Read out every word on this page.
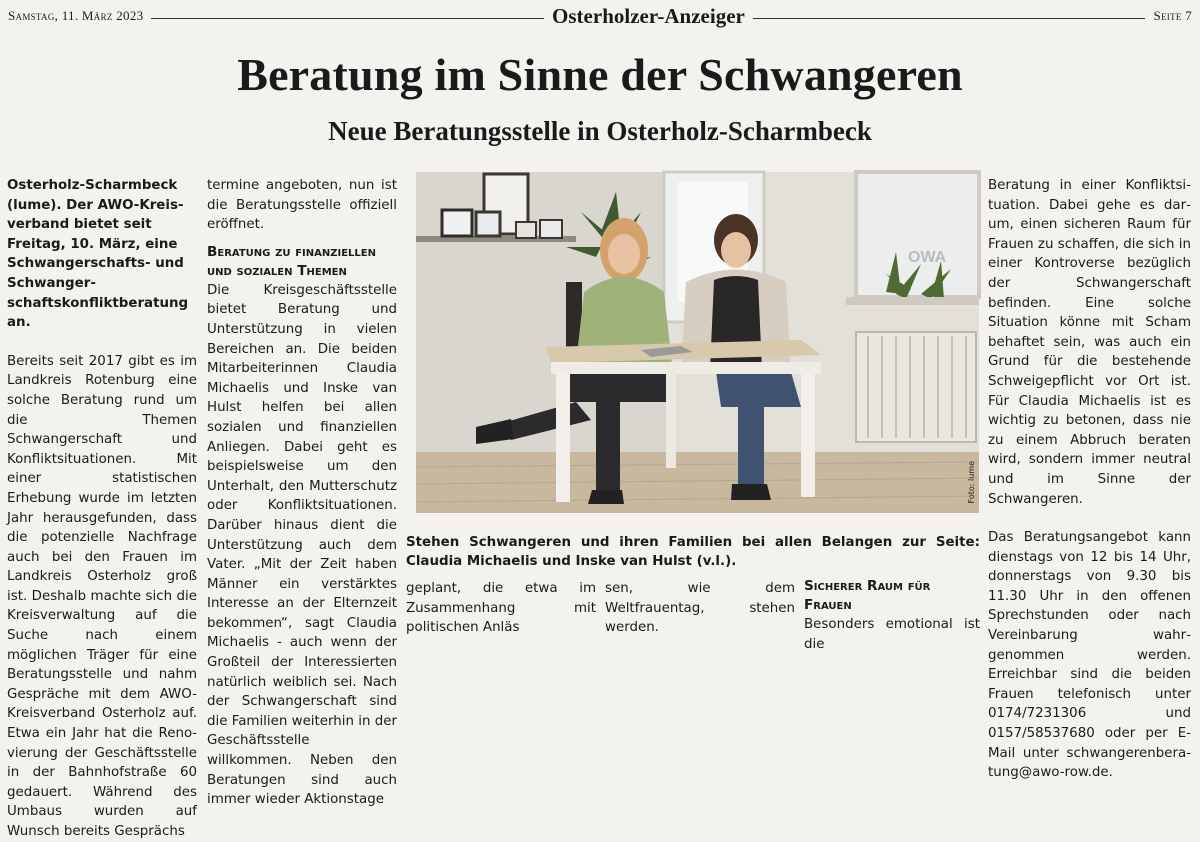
Samstag, 11. März 2023	Osterholzer-Anzeiger	Seite 7
Beratung im Sinne der Schwangeren
Neue Beratungsstelle in Osterholz-Scharmbeck

Osterholz-Scharmbeck (lume). Der AWO-Kreisverband bietet seit Freitag, 10. März, eine Schwangerschafts- und Schwangerschaftskonfliktberatung an.

Bereits seit 2017 gibt es im Landkreis Rotenburg eine solche Beratung rund um die Themen Schwangerschaft und Konfliktsituationen. Mit einer statistischen Erhebung wurde im letzten Jahr herausgefunden, dass die potenzielle Nachfrage auch bei den Frauen im Landkreis Osterholz groß ist. Deshalb machte sich die Kreisverwaltung auf die Suche nach einem möglichen Träger für eine Beratungsstelle und nahm Gespräche mit dem AWO-Kreisverband Osterholz auf. Etwa ein Jahr hat die Renovierung der Geschäftsstelle in der Bahnhofstraße 60 gedauert. Während des Umbaus wurden auf Wunsch bereits Gesprächs

termine angeboten, nun ist die Beratungsstelle offiziell eröffnet.

Beratung zu finanziellen und sozialen Themen

Die Kreisgeschäftsstelle bietet Beratung und Unterstützung in vielen Bereichen an. Die beiden Mitarbeiterinnen Claudia Michaelis und Inske van Hulst helfen bei allen sozialen und finanziellen Anliegen. Dabei geht es beispielsweise um den Unterhalt, den Mutterschutz oder Konfliktsituationen. Darüber hinaus dient die Unterstützung auch dem Vater. „Mit der Zeit haben Männer ein verstärktes Interesse an der Elternzeit bekommen“, sagt Claudia Michaelis - auch wenn der Großteil der Interessierten natürlich weiblich sei. Nach der Schwangerschaft sind die Familien weiterhin in der Geschäftsstelle willkommen. Neben den Beratungen sind auch immer wieder Aktionstage

OWA
Foto: lume

Stehen Schwangeren und ihren Familien bei allen Belangen zur Seite: Claudia Michaelis und Inske van Hulst (v.l.).

geplant, die etwa im Zusammenhang mit politischen Anläs

sen, wie dem Weltfrauentag, stehen werden.

Sicherer Raum für Frauen

Besonders emotional ist die

Beratung in einer Konfliktsituation. Dabei gehe es darum, einen sicheren Raum für Frauen zu schaffen, die sich in einer Kontroverse bezüglich der Schwangerschaft befinden. Eine solche Situation könne mit Scham behaftet sein, was auch ein Grund für die bestehende Schweigepflicht vor Ort ist. Für Claudia Michaelis ist es wichtig zu betonen, dass nie zu einem Abbruch beraten wird, sondern immer neutral und im Sinne der Schwangeren.

Das Beratungsangebot kann dienstags von 12 bis 14 Uhr, donnerstags von 9.30 bis 11.30 Uhr in den offenen Sprechstunden oder nach Vereinbarung wahrgenommen werden. Erreichbar sind die beiden Frauen telefonisch unter 0174/7231306 und 0157/58537680 oder per E-Mail unter schwangerenberatung@awo-row.de.
